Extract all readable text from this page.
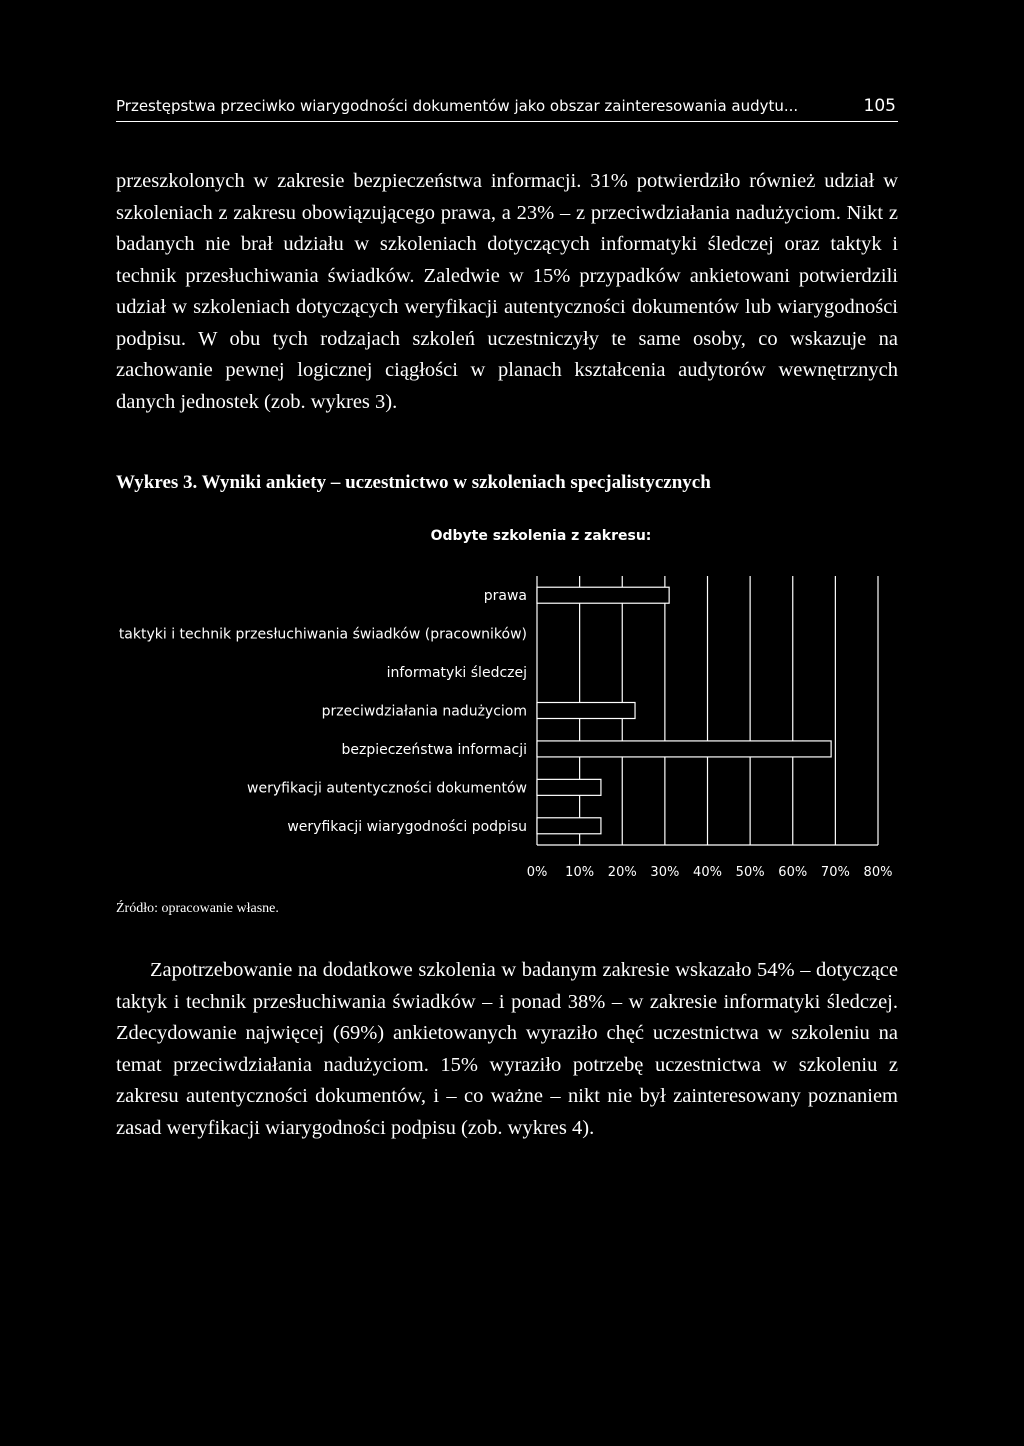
Przestępstwa przeciwko wiarygodności dokumentów jako obszar zainteresowania audytu...	105

przeszkolonych w zakresie bezpieczeństwa informacji. 31% potwierdziło również udział w szkoleniach z zakresu obowiązującego prawa, a 23% – z przeciwdziałania nadużyciom. Nikt z badanych nie brał udziału w szkoleniach dotyczących informatyki śledczej oraz taktyk i technik przesłuchiwania świadków. Zaledwie w 15% przypadków ankietowani potwierdzili udział w szkoleniach dotyczących weryfikacji autentyczności dokumentów lub wiarygodności podpisu. W obu tych rodzajach szkoleń uczestniczyły te same osoby, co wskazuje na zachowanie pewnej logicznej ciągłości w planach kształcenia audytorów wewnętrznych danych jednostek (zob. wykres 3).

Wykres 3. Wyniki ankiety – uczestnictwo w szkoleniach specjalistycznych

Odbyte szkolenia z zakresu:
prawa
taktyki i technik przesłuchiwania świadków (pracowników)
informatyki śledczej
przeciwdziałania nadużyciom
bezpieczeństwa informacji
weryfikacji autentyczności dokumentów
weryfikacji wiarygodności podpisu
0% 10% 20% 30% 40% 50% 60% 70% 80%

Źródło: opracowanie własne.

Zapotrzebowanie na dodatkowe szkolenia w badanym zakresie wskazało 54% – dotyczące taktyk i technik przesłuchiwania świadków – i ponad 38% – w zakresie informatyki śledczej. Zdecydowanie najwięcej (69%) ankietowanych wyraziło chęć uczestnictwa w szkoleniu na temat przeciwdziałania nadużyciom. 15% wyraziło potrzebę uczestnictwa w szkoleniu z zakresu autentyczności dokumentów, i – co ważne – nikt nie był zainteresowany poznaniem zasad weryfikacji wiarygodności podpisu (zob. wykres 4).
